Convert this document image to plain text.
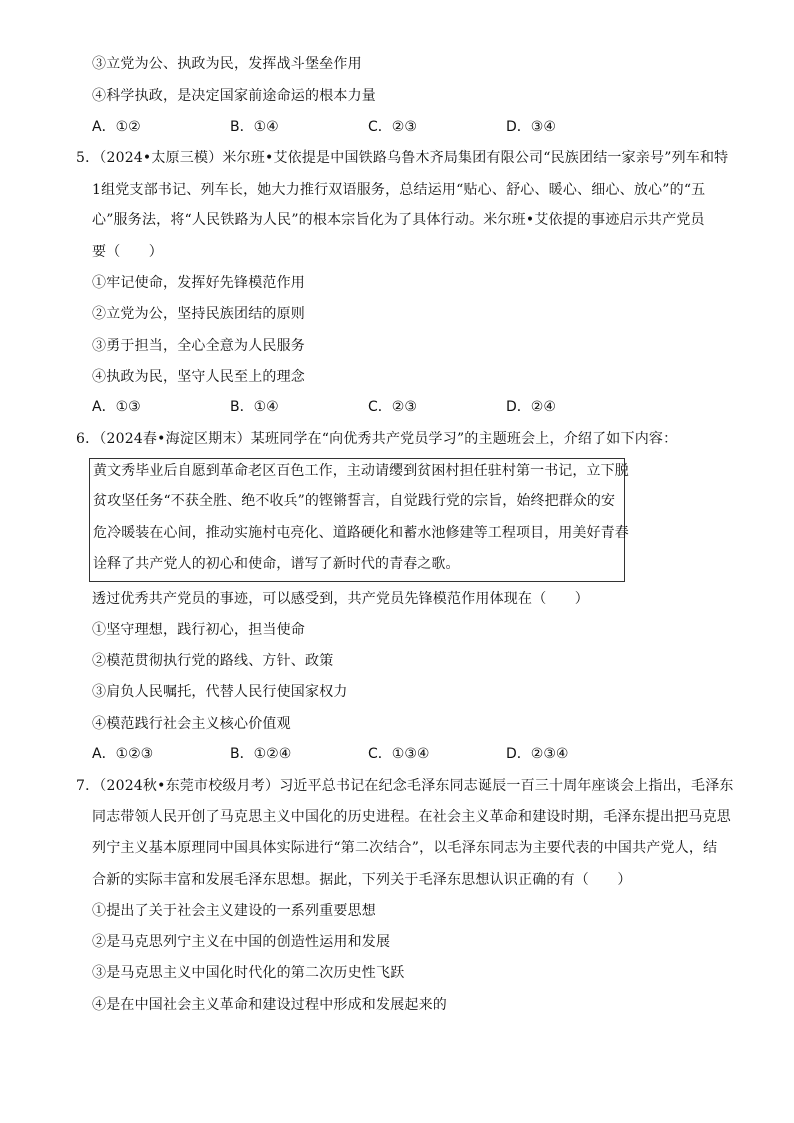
③立党为公、执政为民，发挥战斗堡垒作用
④科学执政，是决定国家前途命运的根本力量
A．①②	B．①④	C．②③	D．③④
5．（2024•太原三模）米尔班•艾依提是中国铁路乌鲁木齐局集团有限公司“民族团结一家亲号”列车和特
1组党支部书记、列车长，她大力推行双语服务，总结运用“贴心、舒心、暖心、细心、放心”的“五
心”服务法，将“人民铁路为人民”的根本宗旨化为了具体行动。米尔班•艾依提的事迹启示共产党员
要（　　）
①牢记使命，发挥好先锋模范作用
②立党为公，坚持民族团结的原则
③勇于担当，全心全意为人民服务
④执政为民，坚守人民至上的理念
A．①③	B．①④	C．②③	D．②④
6．（2024春•海淀区期末）某班同学在“向优秀共产党员学习”的主题班会上，介绍了如下内容：
黄文秀毕业后自愿到革命老区百色工作，主动请缨到贫困村担任驻村第一书记，立下脱
贫攻坚任务“不获全胜、绝不收兵”的铿锵誓言，自觉践行党的宗旨，始终把群众的安
危冷暖装在心间，推动实施村屯亮化、道路硬化和蓄水池修建等工程项目，用美好青春
诠释了共产党人的初心和使命，谱写了新时代的青春之歌。
透过优秀共产党员的事迹，可以感受到，共产党员先锋模范作用体现在（　　）
①坚守理想，践行初心，担当使命
②模范贯彻执行党的路线、方针、政策
③肩负人民嘱托，代替人民行使国家权力
④模范践行社会主义核心价值观
A．①②③	B．①②④	C．①③④	D．②③④
7．（2024秋•东莞市校级月考）习近平总书记在纪念毛泽东同志诞辰一百三十周年座谈会上指出，毛泽东
同志带领人民开创了马克思主义中国化的历史进程。在社会主义革命和建设时期，毛泽东提出把马克思
列宁主义基本原理同中国具体实际进行“第二次结合”，以毛泽东同志为主要代表的中国共产党人，结
合新的实际丰富和发展毛泽东思想。据此，下列关于毛泽东思想认识正确的有（　　）
①提出了关于社会主义建设的一系列重要思想
②是马克思列宁主义在中国的创造性运用和发展
③是马克思主义中国化时代化的第二次历史性飞跃
④是在中国社会主义革命和建设过程中形成和发展起来的
